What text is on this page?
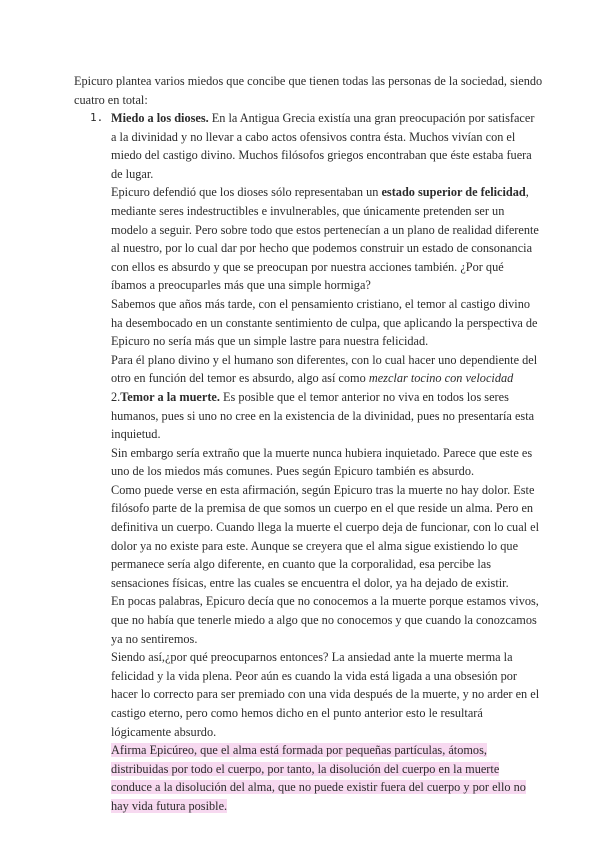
Epicuro plantea varios miedos que concibe que tienen todas las personas de la sociedad, siendo cuatro en total:

1. Miedo a los dioses. En la Antigua Grecia existía una gran preocupación por satisfacer a la divinidad y no llevar a cabo actos ofensivos contra ésta. Muchos vivían con el miedo del castigo divino. Muchos filósofos griegos encontraban que éste estaba fuera de lugar.

Epicuro defendió que los dioses sólo representaban un estado superior de felicidad, mediante seres indestructibles e invulnerables, que únicamente pretenden ser un modelo a seguir. Pero sobre todo que estos pertenecían a un plano de realidad diferente al nuestro, por lo cual dar por hecho que podemos construir un estado de consonancia con ellos es absurdo y que se preocupan por nuestra acciones también. ¿Por qué íbamos a preocuparles más que una simple hormiga?

Sabemos que años más tarde, con el pensamiento cristiano, el temor al castigo divino ha desembocado en un constante sentimiento de culpa, que aplicando la perspectiva de Epicuro no sería más que un simple lastre para nuestra felicidad.

Para él plano divino y el humano son diferentes, con lo cual hacer uno dependiente del otro en función del temor es absurdo, algo así como mezclar tocino con velocidad

2.Temor a la muerte. Es posible que el temor anterior no viva en todos los seres humanos, pues si uno no cree en la existencia de la divinidad, pues no presentaría esta inquietud.

Sin embargo sería extraño que la muerte nunca hubiera inquietado. Parece que este es uno de los miedos más comunes. Pues según Epicuro también es absurdo.

Como puede verse en esta afirmación, según Epicuro tras la muerte no hay dolor. Este filósofo parte de la premisa de que somos un cuerpo en el que reside un alma. Pero en definitiva un cuerpo. Cuando llega la muerte el cuerpo deja de funcionar, con lo cual el dolor ya no existe para este. Aunque se creyera que el alma sigue existiendo lo que permanece sería algo diferente, en cuanto que la corporalidad, esa percibe las sensaciones físicas, entre las cuales se encuentra el dolor, ya ha dejado de existir.

En pocas palabras, Epicuro decía que no conocemos a la muerte porque estamos vivos, que no había que tenerle miedo a algo que no conocemos y que cuando la conozcamos ya no sentiremos.

Siendo así,¿por qué preocuparnos entonces? La ansiedad ante la muerte merma la felicidad y la vida plena. Peor aún es cuando la vida está ligada a una obsesión por hacer lo correcto para ser premiado con una vida después de la muerte, y no arder en el castigo eterno, pero como hemos dicho en el punto anterior esto le resultará lógicamente absurdo.

Afirma Epicúreo, que el alma está formada por pequeñas partículas, átomos,
distribuidas por todo el cuerpo, por tanto, la disolución del cuerpo en la muerte
conduce a la disolución del alma, que no puede existir fuera del cuerpo y por ello no
hay vida futura posible.
